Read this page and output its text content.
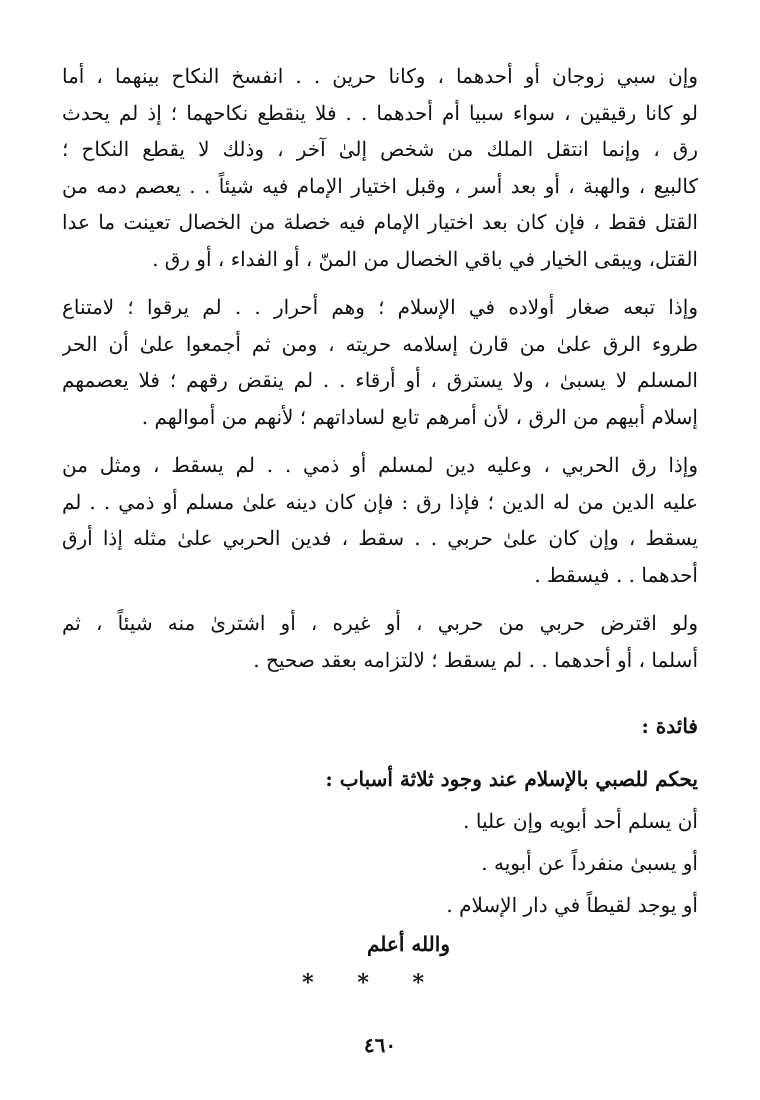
وإن سبي زوجان أو أحدهما ، وكانا حرين . . انفسخ النكاح بينهما ، أما
لو كانا رقيقين ، سواء سبيا أم أحدهما . . فلا ينقطع نكاحهما ؛ إذ لم يحدث
رق ، وإنما انتقل الملك من شخص إلىٰ آخر ، وذلك لا يقطع النكاح ؛
كالبيع ، والهبة ، أو بعد أسر ، وقبل اختيار الإمام فيه شيئاً . . يعصم دمه من
القتل فقط ، فإن كان بعد اختيار الإمام فيه خصلة من الخصال تعينت ما عدا
القتل، ويبقى الخيار في باقي الخصال من المنّ ، أو الفداء ، أو رق .
وإذا تبعه صغار أولاده في الإسلام ؛ وهم أحرار . . لم يرقوا ؛ لامتناع
طروء الرق علىٰ من قارن إسلامه حريته ، ومن ثم أجمعوا علىٰ أن الحر
المسلم لا يسبىٰ ، ولا يسترق ، أو أرقاء . . لم ينقض رقهم ؛ فلا يعصمهم
إسلام أبيهم من الرق ، لأن أمرهم تابع لساداتهم ؛ لأنهم من أموالهم .
وإذا رق الحربي ، وعليه دين لمسلم أو ذمي . . لم يسقط ، ومثل من
عليه الدين من له الدين ؛ فإذا رق : فإن كان دينه علىٰ مسلم أو ذمي . . لم
يسقط ، وإن كان علىٰ حربي . . سقط ، فدين الحربي علىٰ مثله إذا أرق
أحدهما . . فيسقط .
ولو اقترض حربي من حربي ، أو غيره ، أو اشترىٰ منه شيئاً ، ثم
أسلما ، أو أحدهما . . لم يسقط ؛ لالتزامه بعقد صحيح .
فائدة :
يحكم للصبي بالإسلام عند وجود ثلاثة أسباب :
أن يسلم أحد أبويه وإن عليا .
أو يسبىٰ منفرداً عن أبويه .
أو يوجد لقيطاً في دار الإسلام .
والله أعلم
* * *
٤٦٠
